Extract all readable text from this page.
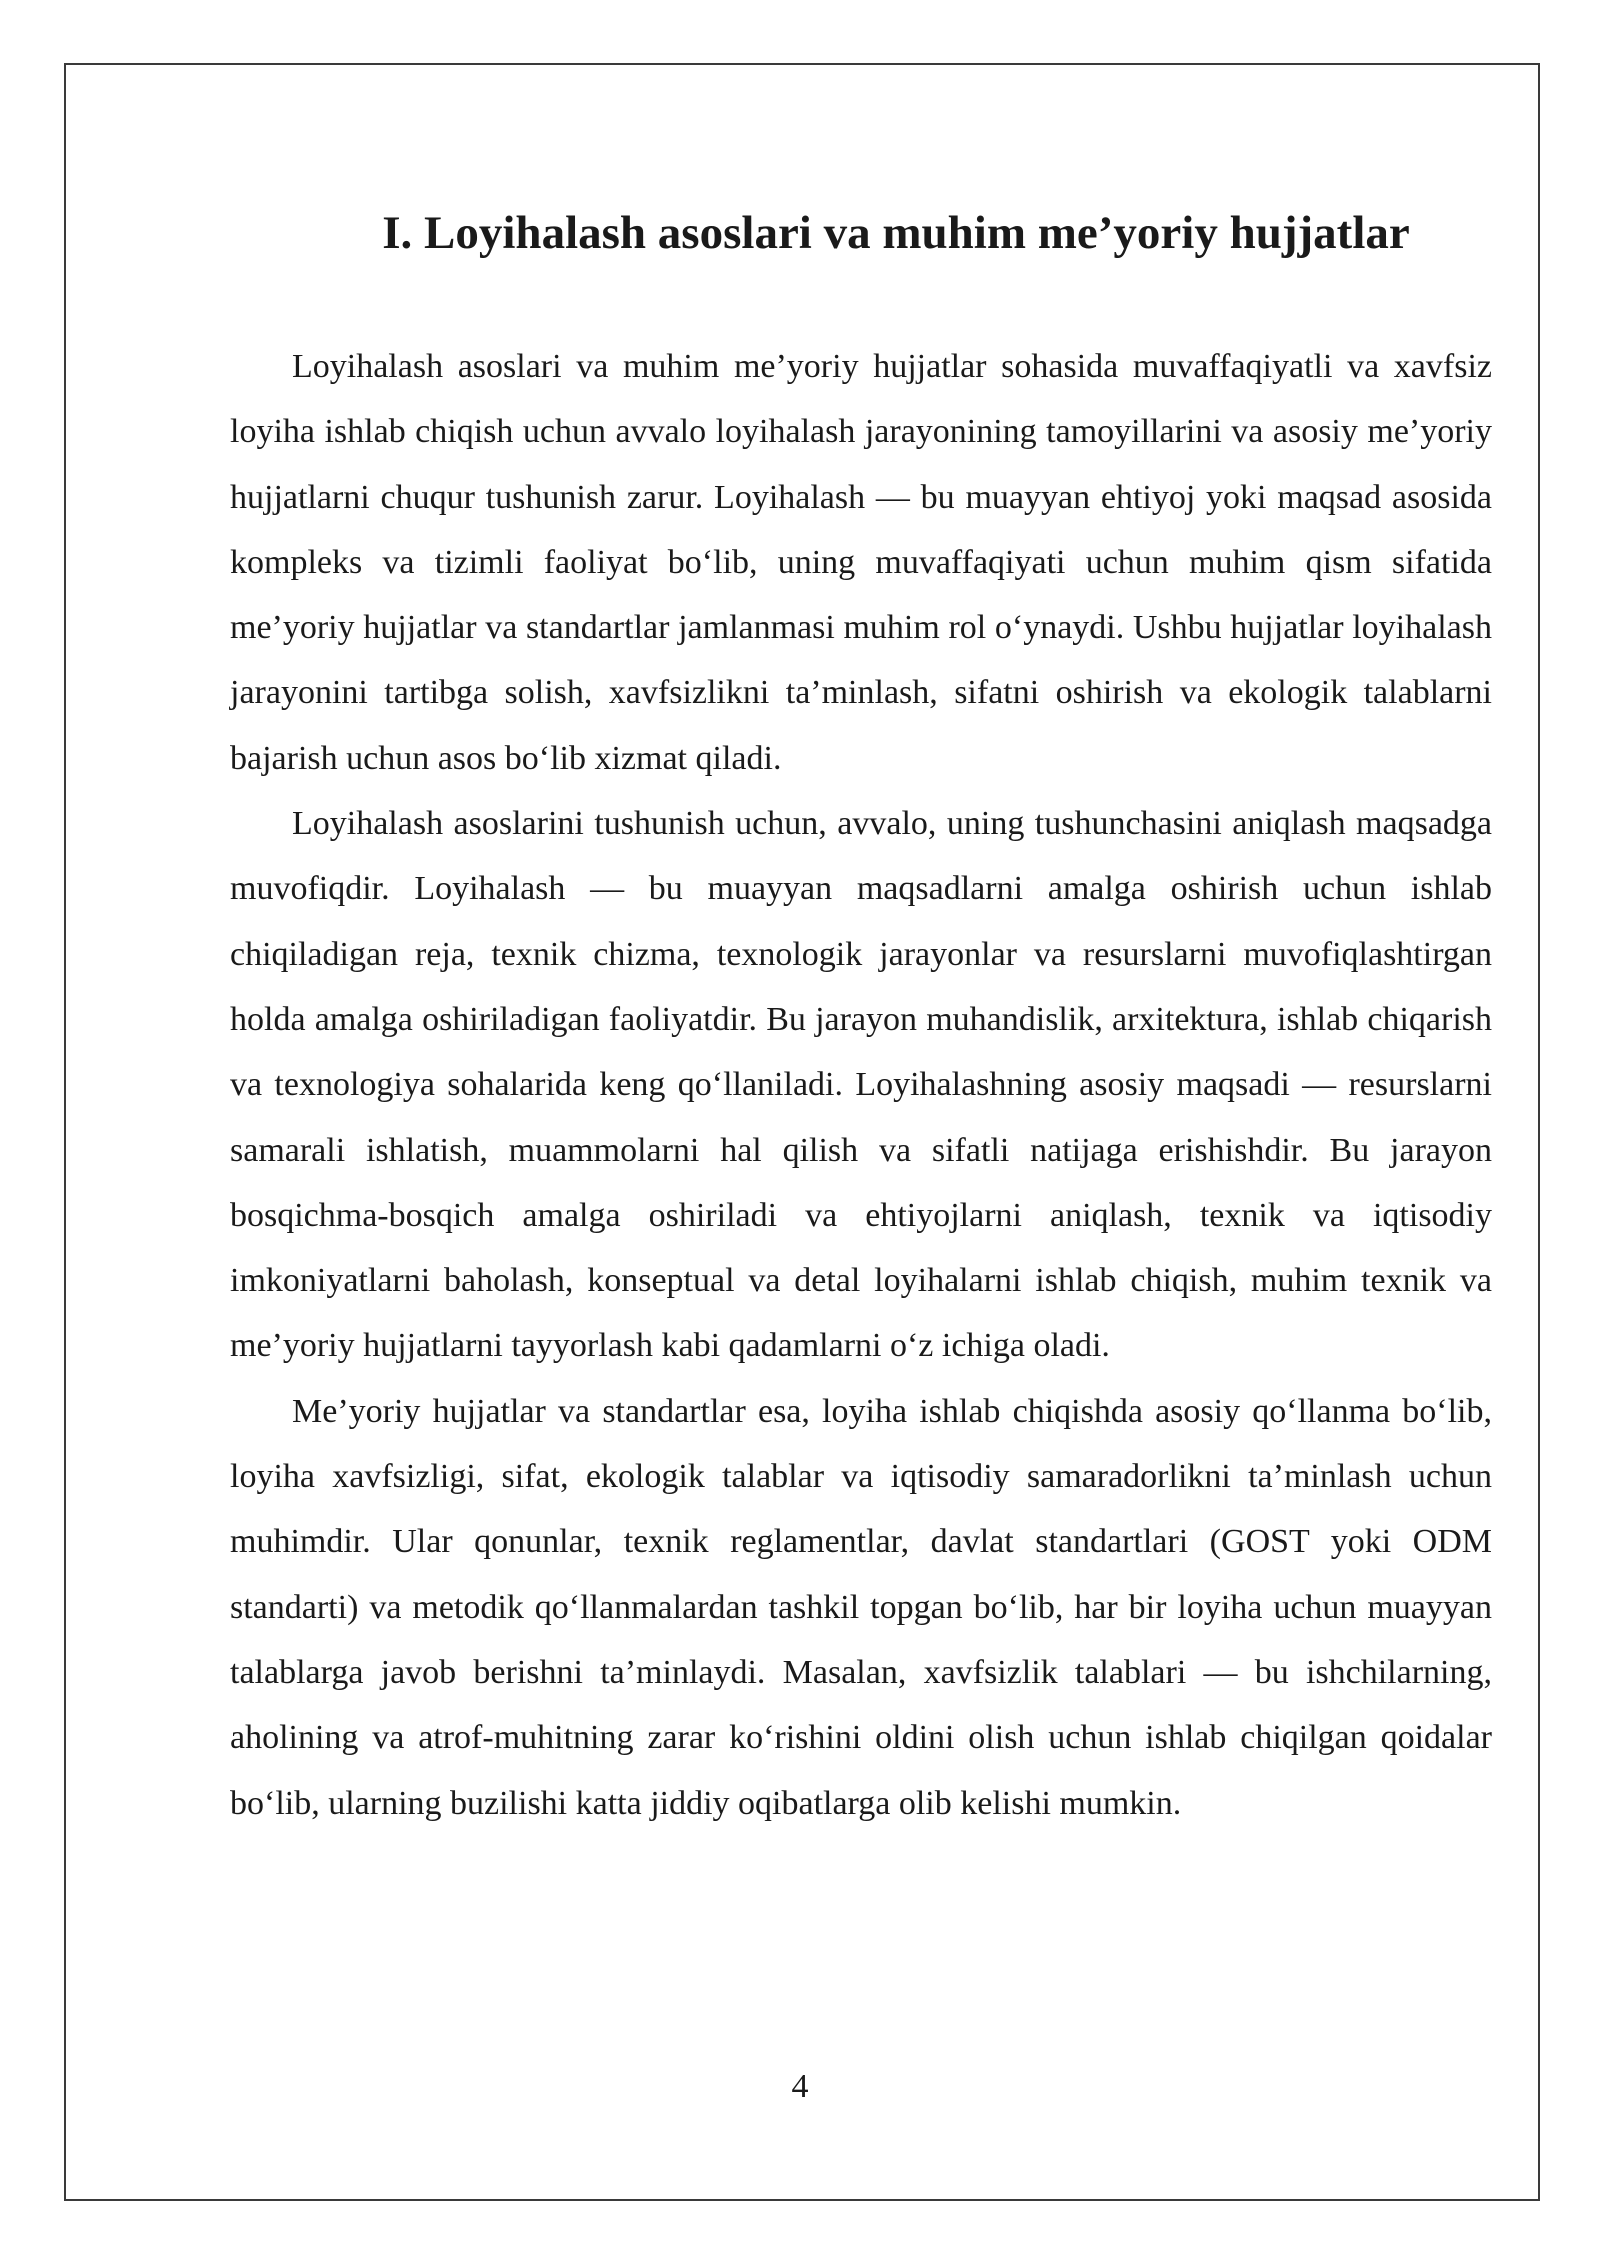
I. Loyihalash asoslari va muhim me’yoriy hujjatlar

Loyihalash asoslari va muhim me’yoriy hujjatlar sohasida muvaffaqiyatli va xavfsiz loyiha ishlab chiqish uchun avvalo loyihalash jarayonining tamoyillarini va asosiy me’yoriy hujjatlarni chuqur tushunish zarur. Loyihalash — bu muayyan ehtiyoj yoki maqsad asosida kompleks va tizimli faoliyat bo‘lib, uning muvaffaqiyati uchun muhim qism sifatida me’yoriy hujjatlar va standartlar jamlanmasi muhim rol o‘ynaydi. Ushbu hujjatlar loyihalash jarayonini tartibga solish, xavfsizlikni ta’minlash, sifatni oshirish va ekologik talablarni bajarish uchun asos bo‘lib xizmat qiladi.

Loyihalash asoslarini tushunish uchun, avvalo, uning tushunchasini aniqlash maqsadga muvofiqdir. Loyihalash — bu muayyan maqsadlarni amalga oshirish uchun ishlab chiqiladigan reja, texnik chizma, texnologik jarayonlar va resurslarni muvofiqlashtirgan holda amalga oshiriladigan faoliyatdir. Bu jarayon muhandislik, arxitektura, ishlab chiqarish va texnologiya sohalarida keng qo‘llaniladi. Loyihalashning asosiy maqsadi — resurslarni samarali ishlatish, muammolarni hal qilish va sifatli natijaga erishishdir. Bu jarayon bosqichma-bosqich amalga oshiriladi va ehtiyojlarni aniqlash, texnik va iqtisodiy imkoniyatlarni baholash, konseptual va detal loyihalarni ishlab chiqish, muhim texnik va me’yoriy hujjatlarni tayyorlash kabi qadamlarni o‘z ichiga oladi.

Me’yoriy hujjatlar va standartlar esa, loyiha ishlab chiqishda asosiy qo‘llanma bo‘lib, loyiha xavfsizligi, sifat, ekologik talablar va iqtisodiy samaradorlikni ta’minlash uchun muhimdir. Ular qonunlar, texnik reglamentlar, davlat standartlari (GOST yoki ODM standarti) va metodik qo‘llanmalardan tashkil topgan bo‘lib, har bir loyiha uchun muayyan talablarga javob berishni ta’minlaydi. Masalan, xavfsizlik talablari — bu ishchilarning, aholining va atrof-muhitning zarar ko‘rishini oldini olish uchun ishlab chiqilgan qoidalar bo‘lib, ularning buzilishi katta jiddiy oqibatlarga olib kelishi mumkin.

4
